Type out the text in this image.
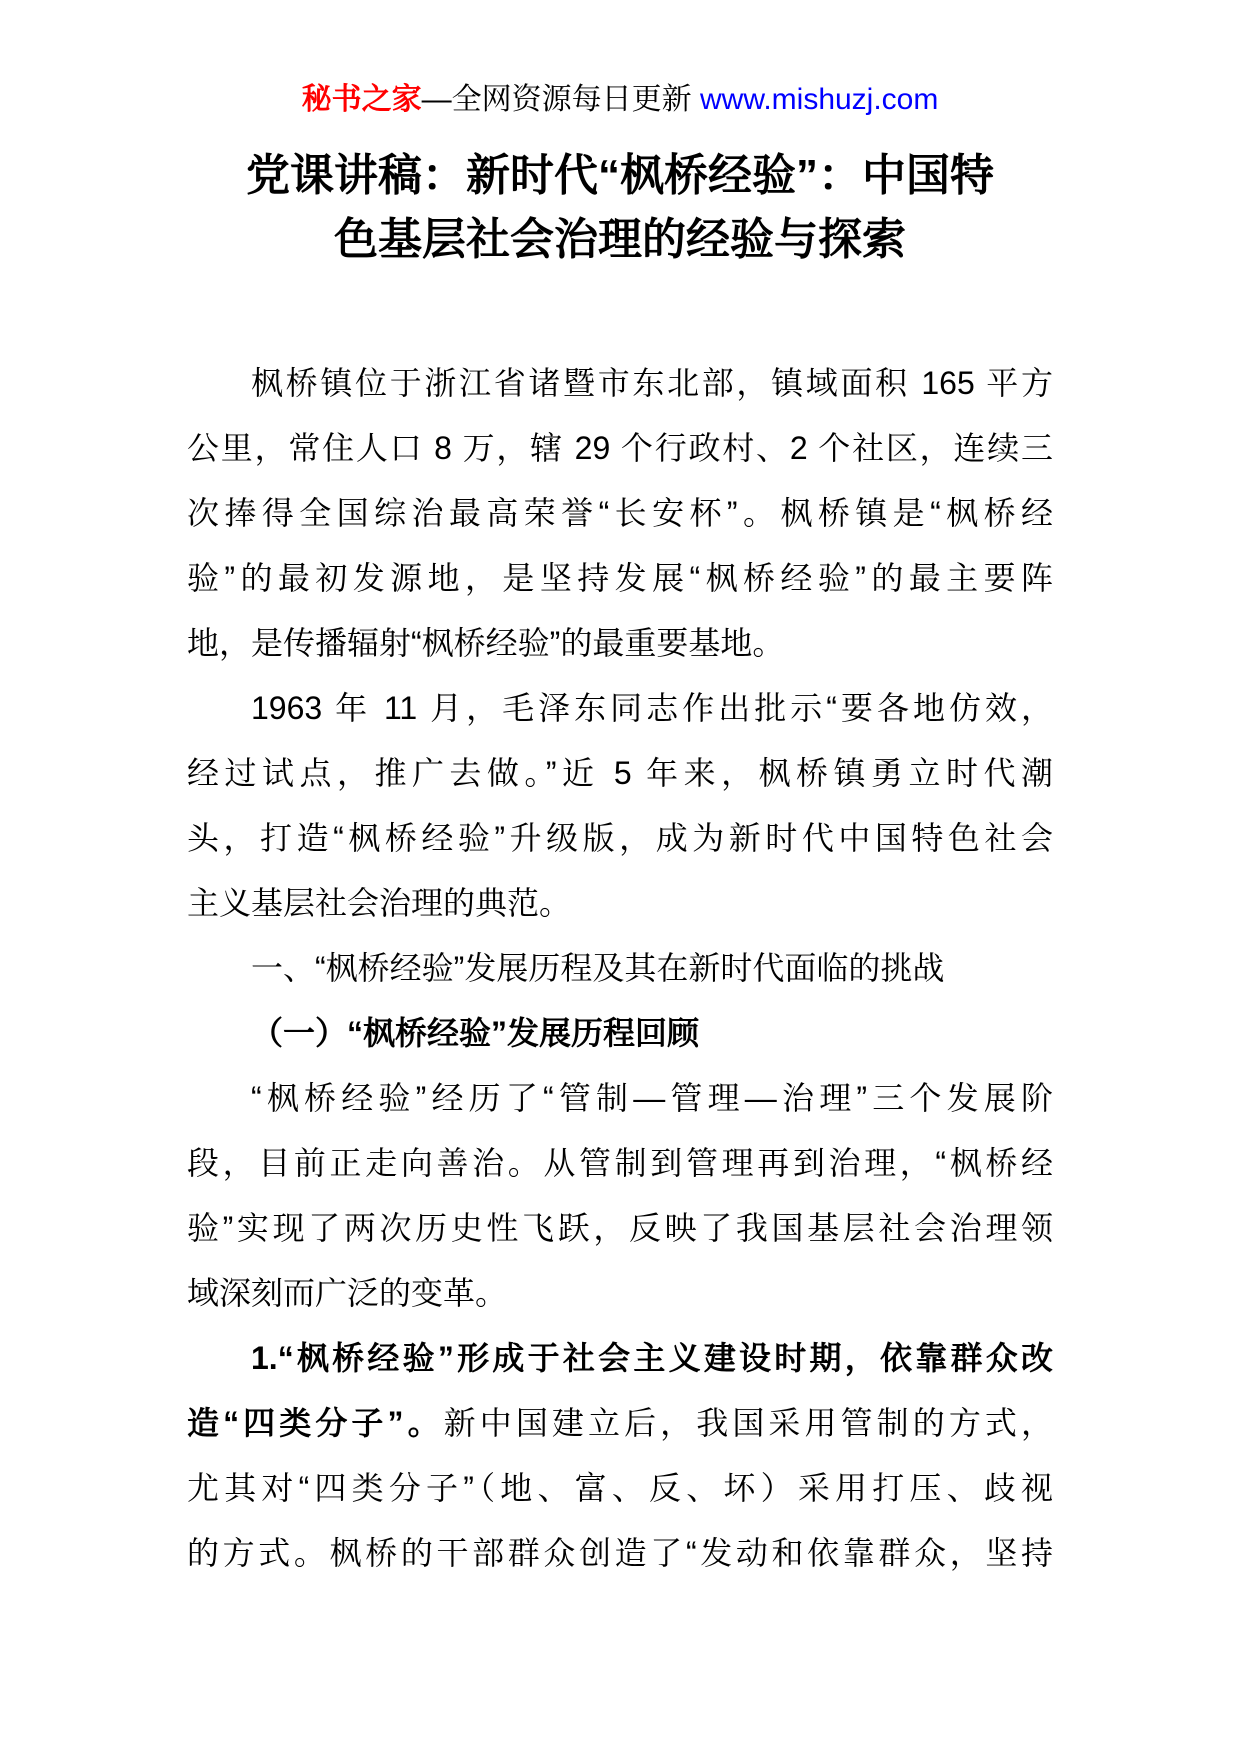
秘书之家—全网资源每日更新 www.mishuzj.com
党课讲稿：新时代“枫桥经验”：中国特
色基层社会治理的经验与探索
枫桥镇位于浙江省诸暨市东北部，镇域面积 165 平方
公里，常住人口 8 万，辖 29 个行政村、2 个社区，连续三
次捧得全国综治最高荣誉“长安杯”。枫桥镇是“枫桥经
验”的最初发源地，是坚持发展“枫桥经验”的最主要阵
地，是传播辐射“枫桥经验”的最重要基地。
1963 年 11 月，毛泽东同志作出批示“要各地仿效，
经过试点，推广去做。”近 5 年来，枫桥镇勇立时代潮
头，打造“枫桥经验”升级版，成为新时代中国特色社会
主义基层社会治理的典范。
一、“枫桥经验”发展历程及其在新时代面临的挑战
（一）“枫桥经验”发展历程回顾
“枫桥经验”经历了“管制—管理—治理”三个发展阶
段，目前正走向善治。从管制到管理再到治理，“枫桥经
验”实现了两次历史性飞跃，反映了我国基层社会治理领
域深刻而广泛的变革。
1.“枫桥经验”形成于社会主义建设时期，依靠群众改
造“四类分子”。新中国建立后，我国采用管制的方式，
尤其对“四类分子”（地、富、反、坏）采用打压、歧视
的方式。枫桥的干部群众创造了“发动和依靠群众，坚持
